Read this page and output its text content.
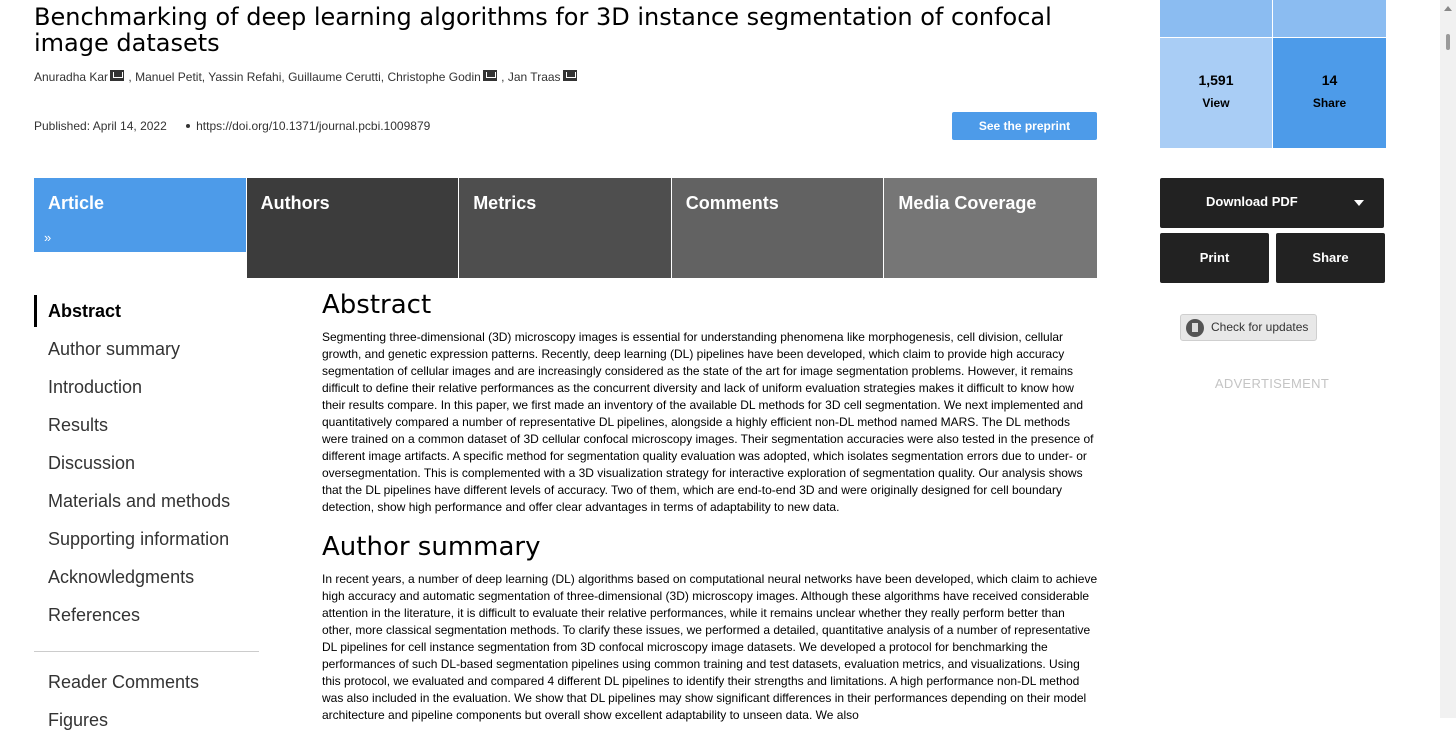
Benchmarking of deep learning algorithms for 3D instance segmentation of confocal image datasets
Anuradha Kar , Manuel Petit, Yassin Refahi, Guillaume Cerutti, Christophe Godin , Jan Traas
Published: April 14, 2022 https://doi.org/10.1371/journal.pcbi.1009879	See the preprint
1,591
View
14
Share
Article
»
Authors	Metrics	Comments	Media Coverage	Download PDF
Print	Share
Check for updates
ADVERTISEMENT
Abstract
Author summary
Introduction
Results
Discussion
Materials and methods
Supporting information
Acknowledgments
References
Reader Comments
Figures
Abstract

Segmenting three-dimensional (3D) microscopy images is essential for understanding phenomena like morphogenesis, cell division, cellular growth, and genetic expression patterns. Recently, deep learning (DL) pipelines have been developed, which claim to provide high accuracy segmentation of cellular images and are increasingly considered as the state of the art for image segmentation problems. However, it remains difficult to define their relative performances as the concurrent diversity and lack of uniform evaluation strategies makes it difficult to know how their results compare. In this paper, we first made an inventory of the available DL methods for 3D cell segmentation. We next implemented and quantitatively compared a number of representative DL pipelines, alongside a highly efficient non-DL method named MARS. The DL methods were trained on a common dataset of 3D cellular confocal microscopy images. Their segmentation accuracies were also tested in the presence of different image artifacts. A specific method for segmentation quality evaluation was adopted, which isolates segmentation errors due to under- or oversegmentation. This is complemented with a 3D visualization strategy for interactive exploration of segmentation quality. Our analysis shows that the DL pipelines have different levels of accuracy. Two of them, which are end-to-end 3D and were originally designed for cell boundary detection, show high performance and offer clear advantages in terms of adaptability to new data.

Author summary

In recent years, a number of deep learning (DL) algorithms based on computational neural networks have been developed, which claim to achieve high accuracy and automatic segmentation of three-dimensional (3D) microscopy images. Although these algorithms have received considerable attention in the literature, it is difficult to evaluate their relative performances, while it remains unclear whether they really perform better than other, more classical segmentation methods. To clarify these issues, we performed a detailed, quantitative analysis of a number of representative DL pipelines for cell instance segmentation from 3D confocal microscopy image datasets. We developed a protocol for benchmarking the performances of such DL-based segmentation pipelines using common training and test datasets, evaluation metrics, and visualizations. Using this protocol, we evaluated and compared 4 different DL pipelines to identify their strengths and limitations. A high performance non-DL method was also included in the evaluation. We show that DL pipelines may show significant differences in their performances depending on their model architecture and pipeline components but overall show excellent adaptability to unseen data. We also
